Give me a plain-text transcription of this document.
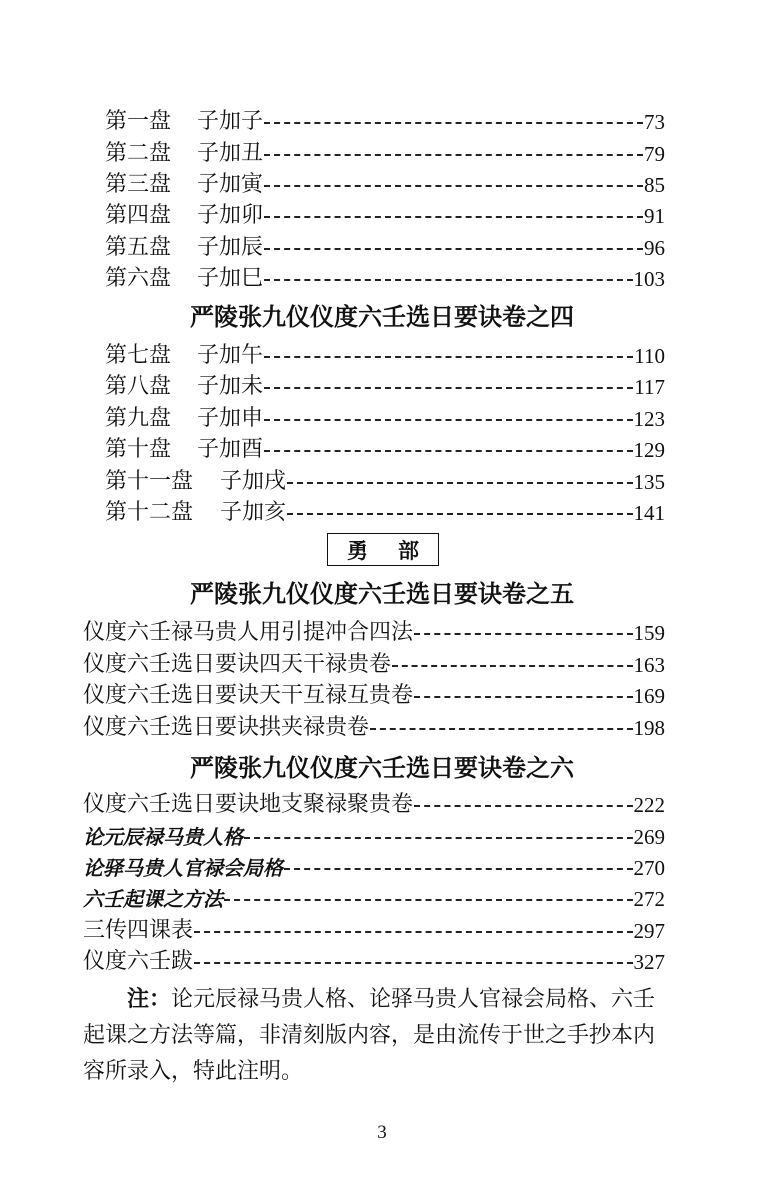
第一盘	子加子	73
第二盘	子加丑	79
第三盘	子加寅	85
第四盘	子加卯	91
第五盘	子加辰	96
第六盘	子加巳	103
严陵张九仪仪度六壬选日要诀卷之四
第七盘	子加午	110
第八盘	子加未	117
第九盘	子加申	123
第十盘	子加酉	129
第十一盘	子加戌	135
第十二盘	子加亥	141
勇部
严陵张九仪仪度六壬选日要诀卷之五
仪度六壬禄马贵人用引提冲合四法	159
仪度六壬选日要诀四天干禄贵卷	163
仪度六壬选日要诀天干互禄互贵卷	169
仪度六壬选日要诀拱夹禄贵卷	198
严陵张九仪仪度六壬选日要诀卷之六
仪度六壬选日要诀地支聚禄聚贵卷	222
论元辰禄马贵人格	269
论驿马贵人官禄会局格	270
六壬起课之方法	272
三传四课表	297
仪度六壬跋	327
注：论元辰禄马贵人格、论驿马贵人官禄会局格、六壬起课之方法等篇，非清刻版内容，是由流传于世之手抄本内容所录入，特此注明。
3
